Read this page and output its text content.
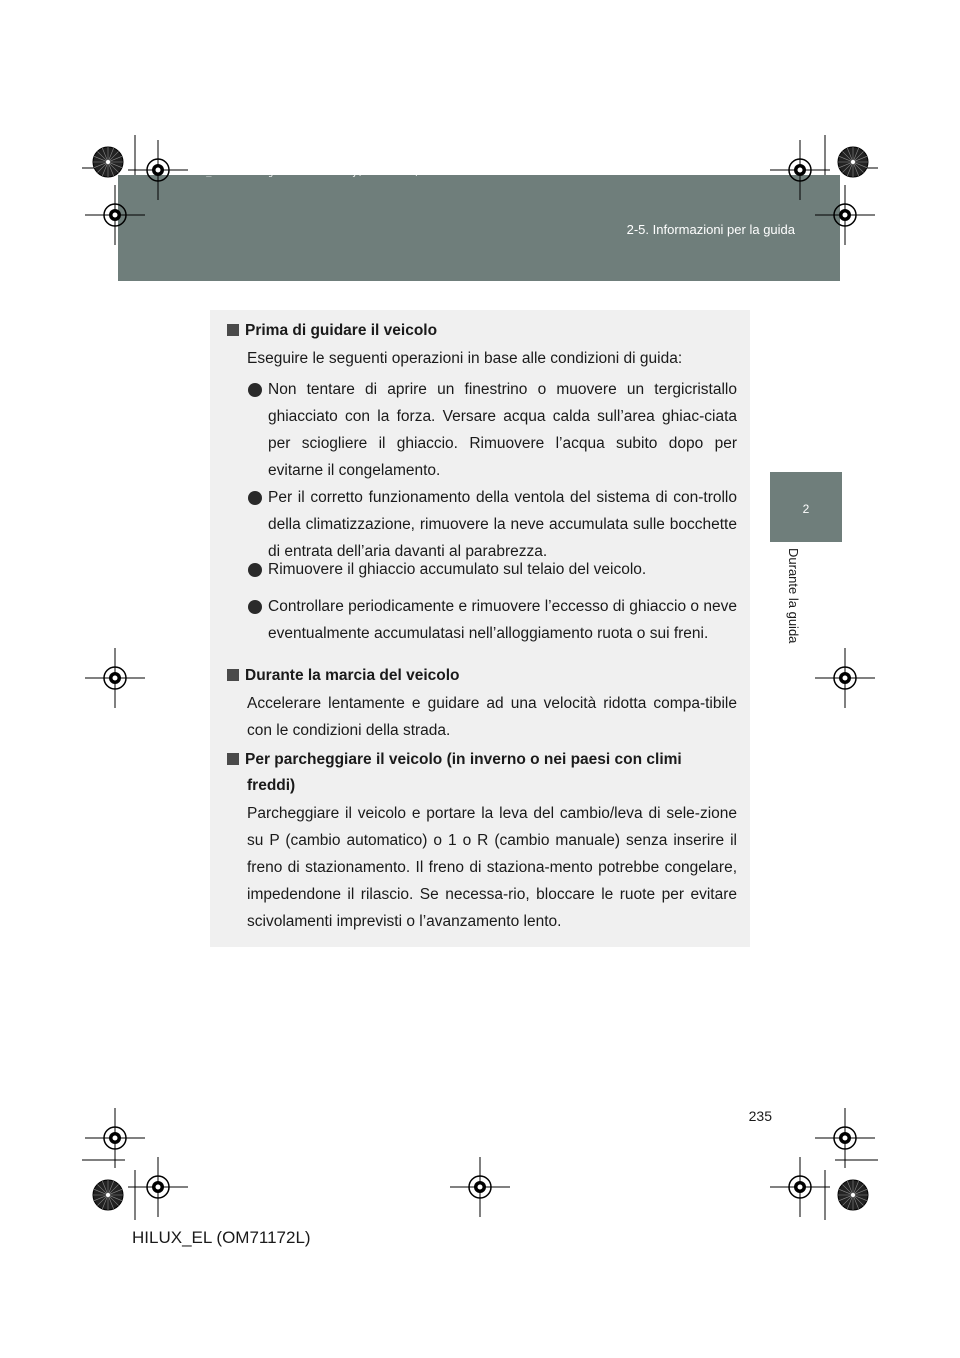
HILUX_EL.book Page 235 Wednesday, March 23, 2011 3:30 PM
2-5. Informazioni per la guida
2
Durante la guida
Prima di guidare il veicolo
Eseguire le seguenti operazioni in base alle condizioni di guida:
Non tentare di aprire un finestrino o muovere un tergicristallo ghiacciato con la forza. Versare acqua calda sull’area ghiac-ciata per sciogliere il ghiaccio. Rimuovere l’acqua subito dopo per evitarne il congelamento.
Per il corretto funzionamento della ventola del sistema di con-trollo della climatizzazione, rimuovere la neve accumulata sulle bocchette di entrata dell’aria davanti al parabrezza.
Rimuovere il ghiaccio accumulato sul telaio del veicolo.
Controllare periodicamente e rimuovere l’eccesso di ghiaccio o neve eventualmente accumulatasi nell’alloggiamento ruota o sui freni.
Durante la marcia del veicolo
Accelerare lentamente e guidare ad una velocità ridotta compa-tibile con le condizioni della strada.
Per parcheggiare il veicolo (in inverno o nei paesi con climi
freddi)
Parcheggiare il veicolo e portare la leva del cambio/leva di sele-zione su P (cambio automatico) o 1 o R (cambio manuale) senza inserire il freno di stazionamento. Il freno di staziona-mento potrebbe congelare, impedendone il rilascio. Se necessa-rio, bloccare le ruote per evitare scivolamenti imprevisti o l’avanzamento lento.
235
HILUX_EL (OM71172L)
